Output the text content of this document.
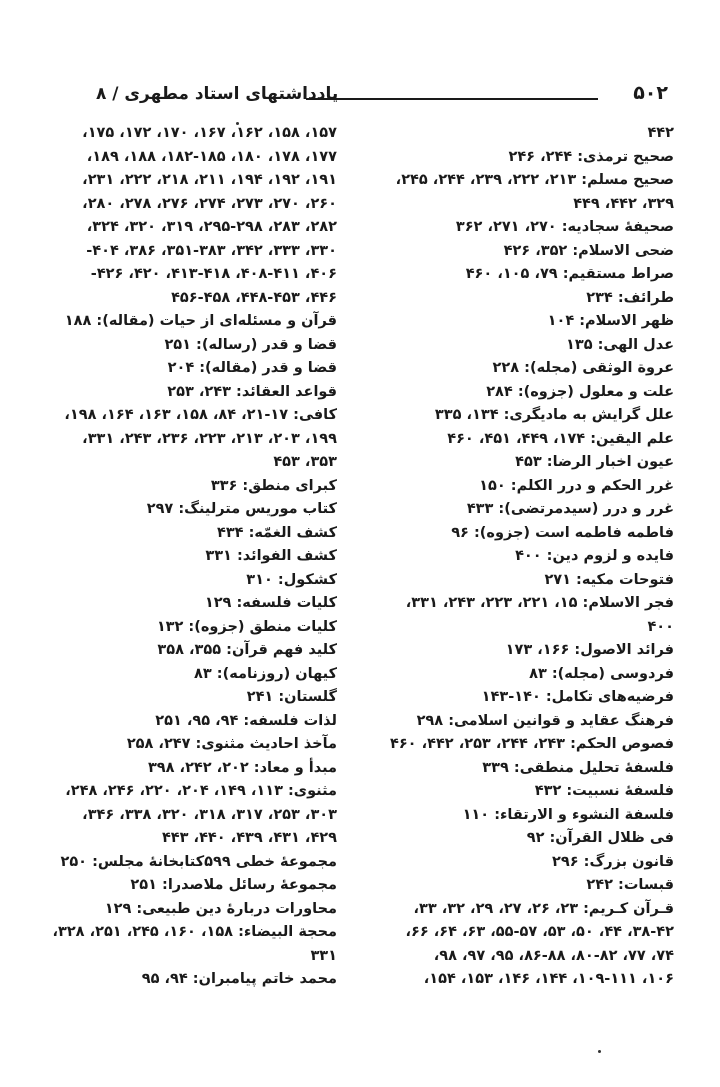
یادداشتهای استاد مطهری / ۸	۵۰۲
۴۴۲
صحیح ترمذی: ۲۴۴، ۲۴۶
صحیح مسلم: ۲۱۳، ۲۲۲، ۲۳۹، ۲۴۴، ۲۴۵،
۳۲۹، ۴۴۲، ۴۴۹
صحیفهٔ سجادیه: ۲۷۰، ۲۷۱، ۳۶۲
ضحی الاسلام: ۳۵۲، ۴۲۶
صراط مستقیم: ۷۹، ۱۰۵، ۴۶۰
طرائف: ۲۳۴
ظهر الاسلام: ۱۰۴
عدل الهی: ۱۳۵
عروة الوثقی (مجله): ۲۲۸
علت و معلول (جزوه): ۲۸۴
علل گرایش به مادیگری: ۱۳۴، ۳۳۵
علم الیقین: ۱۷۴، ۴۴۹، ۴۵۱، ۴۶۰
عیون اخبار الرضا: ۴۵۳
غرر الحکم و درر الکلم: ۱۵۰
غرر و درر (سیدمرتضی): ۴۳۳
فاطمه فاطمه است (جزوه): ۹۶
فایده و لزوم دین: ۴۰۰
فتوحات مکیه: ۲۷۱
فجر الاسلام: ۱۵، ۲۲۱، ۲۲۳، ۲۴۳، ۳۳۱،
۴۰۰
فرائد الاصول: ۱۶۶، ۱۷۳
فردوسی (مجله): ۸۳
فرضیه‌های تکامل: ۱۴۰-۱۴۳
فرهنگ عقاید و قوانین اسلامی: ۲۹۸
فصوص الحکم: ۲۴۳، ۲۴۴، ۲۵۳، ۴۴۲، ۴۶۰
فلسفهٔ تحلیل منطقی: ۳۳۹
فلسفهٔ نسبیت: ۴۳۲
فلسفة النشوء و الارتقاء: ۱۱۰
فی ظلال القرآن: ۹۲
قانون بزرگ: ۲۹۶
قبسات: ۲۴۲
قـرآن کـریم: ۲۳، ۲۶، ۲۷، ۲۹، ۳۲، ۳۳،
۳۸-۴۲، ۴۴، ۵۰، ۵۳، ۵۵-۵۷، ۶۳، ۶۴، ۶۶،
۷۴، ۷۷، ۸۰-۸۲، ۸۶-۸۸، ۹۵، ۹۷، ۹۸،
۱۰۶، ۱۰۹-۱۱۱، ۱۴۴، ۱۴۶، ۱۵۳، ۱۵۴،
۱۵۷، ۱۵۸، ۱۶۲، ۱۶۷، ۱۷۰، ۱۷۲، ۱۷۵،
۱۷۷، ۱۷۸، ۱۸۰، ۱۸۲-۱۸۵، ۱۸۸، ۱۸۹،
۱۹۱، ۱۹۲، ۱۹۴، ۲۱۱، ۲۱۸، ۲۲۲، ۲۳۱،
۲۶۰، ۲۷۰، ۲۷۳، ۲۷۴، ۲۷۶، ۲۷۸، ۲۸۰،
۲۸۲، ۲۸۳، ۲۹۵-۲۹۸، ۳۱۹، ۳۲۰، ۳۲۴،
۳۳۰، ۳۳۳، ۳۴۲، ۳۵۱-۳۸۳، ۳۸۶، ۴۰۴-
۴۰۶، ۴۰۸-۴۱۱، ۴۱۳-۴۱۸، ۴۲۰، ۴۲۶-
۴۴۶، ۴۴۸-۴۵۳، ۴۵۶-۴۵۸
قرآن و مسئله‌ای از حیات (مقاله): ۱۸۸
قضا و قدر (رساله): ۲۵۱
قضا و قدر (مقاله): ۲۰۴
قواعد العقائد: ۲۴۳، ۲۵۳
کافی: ۱۷-۲۱، ۸۴، ۱۵۸، ۱۶۳، ۱۶۴، ۱۹۸،
۱۹۹، ۲۰۳، ۲۱۳، ۲۲۳، ۲۳۶، ۲۴۳، ۳۳۱،
۳۵۳، ۴۵۳
کبرای منطق: ۳۳۶
کتاب موریس مترلینگ: ۲۹۷
کشف الغمّه: ۴۳۴
کشف الفوائد: ۳۳۱
کشکول: ۳۱۰
کلیات فلسفه: ۱۲۹
کلیات منطق (جزوه): ۱۳۲
کلید فهم قرآن: ۳۵۵، ۳۵۸
کیهان (روزنامه): ۸۳
گلستان: ۲۴۱
لذات فلسفه: ۹۴، ۹۵، ۲۵۱
مآخذ احادیث مثنوی: ۲۴۷، ۲۵۸
مبدأ و معاد: ۲۰۲، ۲۴۲، ۳۹۸
مثنوی: ۱۱۳، ۱۴۹، ۲۰۴، ۲۲۰، ۲۴۶، ۲۴۸،
۳۰۳، ۲۵۳، ۳۱۷، ۳۱۸، ۳۲۰، ۳۳۸، ۳۴۶،
۴۲۹، ۴۳۱، ۴۳۹، ۴۴۰، ۴۴۳
مجموعهٔ خطی ۵۹۹کتابخانهٔ مجلس: ۲۵۰
مجموعهٔ رسائل ملاصدرا: ۲۵۱
محاورات دربارهٔ دین طبیعی: ۱۲۹
محجة البیضاء: ۱۵۸، ۱۶۰، ۲۴۵، ۲۵۱، ۳۲۸،
۳۳۱
محمد خاتم پیامبران: ۹۴، ۹۵
